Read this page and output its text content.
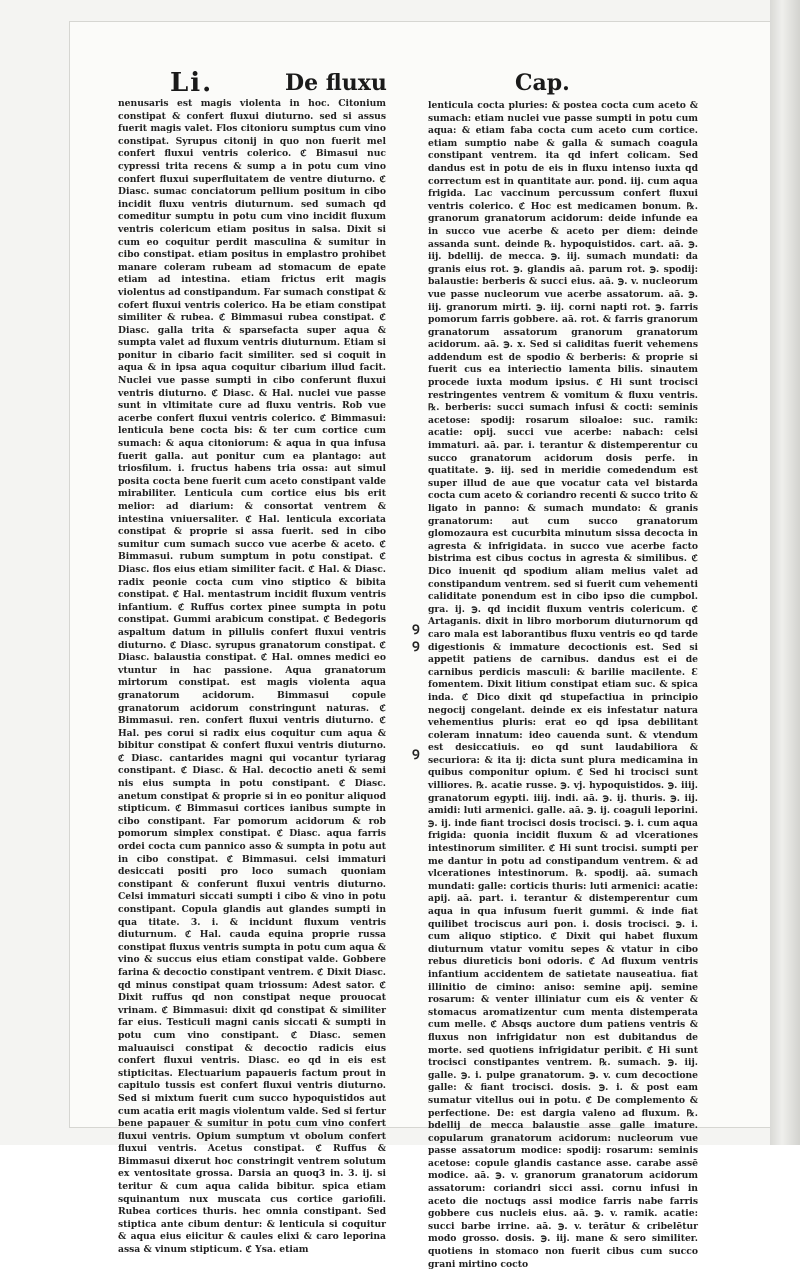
Li.	De fluxu	Cap.

nenusaris est magis violenta in hoc. Citonium constipat & confert fluxui diuturno. sed si assus fuerit magis valet. Flos citonioru sumptus cum vino constipat. Syrupus citonij in quo non fuerit mel confert fluxui ventris colerico. ℭ Bimasui nuc cypressi trita recens & sump a in potu cum vino confert fluxui superfluitatem de ventre diuturno. ℭ Diasc. sumac conciatorum pellium positum in cibo incidit fluxu ventris diuturnum. sed sumach qd comeditur sumptu in potu cum vino incidit fluxum ventris colericum etiam positus in salsa. Dixit si cum eo coquitur perdit masculina & sumitur in cibo constipat. etiam positus in emplastro prohibet manare coleram rubeam ad stomacum de epate etiam ad intestina. etiam frictus erit magis violentus ad constipandum. Far sumach constipat & cofert fluxui ventris colerico. Ha be etiam constipat similiter & rubea. ℭ Bimmasui rubea constipat. ℭ Diasc. galla trita & sparsefacta super aqua & sumpta valet ad fluxum ventris diuturnum. Etiam si ponitur in cibario facit similiter. sed si coquit in aqua & in ipsa aqua coquitur cibarium illud facit. Nuclei vue passe sumpti in cibo conferunt fluxui ventris diuturno. ℭ Diasc. & Hal. nuclei vue passe sunt in vltimitate cure ad fluxu ventris. Rob vue acerbe confert fluxui ventris colerico. ℭ Bimmasui: lenticula bene cocta bis: & ter cum cortice cum sumach: & aqua citoniorum: & aqua in qua infusa fuerit galla. aut ponitur cum ea plantago: aut triosfilum. i. fructus habens tria ossa: aut simul posita cocta bene fuerit cum aceto constipant valde mirabiliter. Lenticula cum cortice eius bis erit melior: ad diarium: & consortat ventrem & intestina vniuersaliter. ℭ Hal. lenticula excoriata constipat & proprie si assa fuerit. sed in cibo sumitur cum sumach succo vue acerbe & aceto. ℭ Bimmasui. rubum sumptum in potu constipat. ℭ Diasc. flos eius etiam similiter facit. ℭ Hal. & Diasc. radix peonie cocta cum vino stiptico & bibita constipat. ℭ Hal. mentastrum incidit fluxum ventris infantium. ℭ Ruffus cortex pinee sumpta in potu constipat. Gummi arabicum constipat. ℭ Bedegoris aspaltum datum in pillulis confert fluxui ventris diuturno. ℭ Diasc. syrupus granatorum constipat. ℭ Diasc. balaustia constipat. ℭ Hal. omnes medici eo vtuntur in hac passione. Aqua granatorum mirtorum constipat. est magis violenta aqua granatorum acidorum. Bimmasui copule granatorum acidorum constringunt naturas. ℭ Bimmasui. ren. confert fluxui ventris diuturno. ℭ Hal. pes corui si radix eius coquitur cum aqua & bibitur constipat & confert fluxui ventris diuturno. ℭ Diasc. cantarides magni qui vocantur tyriarag constipant. ℭ Diasc. & Hal. decoctio aneti & semi nis eius sumpta in potu constipant. ℭ Diasc. anetum constipat & proprie si in eo ponitur aliquod stipticum. ℭ Bimmasui cortices ianibus sumpte in cibo constipant. Far pomorum acidorum & rob pomorum simplex constipat. ℭ Diasc. aqua farris ordei cocta cum pannico asso & sumpta in potu aut in cibo constipat. ℭ Bimmasui. celsi immaturi desiccati positi pro loco sumach quoniam constipant & conferunt fluxui ventris diuturno. Celsi immaturi siccati sumpti i cibo & vino in potu constipant. Copula glandis aut glandes sumpti in qua titate. 3. i. & incidunt fluxum ventris diuturnum. ℭ Hal. cauda equina proprie russa constipat fluxus ventris sumpta in potu cum aqua & vino & succus eius etiam constipat valde. Gobbere farina & decoctio constipant ventrem. ℭ Dixit Diasc. qd minus constipat quam triossum: Adest sator. ℭ Dixit ruffus qd non constipat neque prouocat vrinam. ℭ Bimmasui: dixit qd constipat & similiter far eius. Testiculi magni canis siccati & sumpti in potu cum vino constipant. ℭ Diasc. semen maluauisci constipat & decoctio radicis eius confert fluxui ventris. Diasc. eo qd in eis est stipticitas. Electuarium papaueris factum prout in capitulo tussis est confert fluxui ventris diuturno. Sed si mixtum fuerit cum succo hypoquistidos aut cum acatia erit magis violentum valde. Sed si fertur bene papauer & sumitur in potu cum vino confert fluxui ventris. Opium sumptum vt obolum confert fluxui ventris. Acetus constipat. ℭ Ruffus & Bimmasui dixerut hoc constringit ventrem solutum ex ventositate grossa. Darsia an quoq3 in. 3. ij. si teritur & cum aqua calida bibitur. spica etiam squinantum nux muscata cus cortice gariofili. Rubea cortices thuris. hec omnia constipant. Sed stiptica ante cibum dentur: & lenticula si coquitur & aqua eius eiicitur & caules elixi & caro leporina assa & vinum stipticum. ℭ Ysa. etiam

Ꝯ
Ꝯ
Ꝯ

lenticula cocta pluries: & postea cocta cum aceto & sumach: etiam nuclei vue passe sumpti in potu cum aqua: & etiam faba cocta cum aceto cum cortice. etiam sumptio nabe & galla & sumach coagula constipant ventrem. ita qd infert colicam. Sed dandus est in potu de eis in fluxu intenso iuxta qd correctum est in quantitate aur. pond. iij. cum aqua frigida. Lac vaccinum percussum confert fluxui ventris colerico. ℭ Hoc est medicamen bonum. ℞. granorum granatorum acidorum: deide infunde ea in succo vue acerbe & aceto per diem: deinde assanda sunt. deinde ℞. hypoquistidos. cart. aā. ℈. iij. bdellij. de mecca. ℈. iij. sumach mundati: da granis eius rot. ℈. glandis aā. parum rot. ℈. spodij: balaustie: berberis & succi eius. aā. ℈. v. nucleorum vue passe nucleorum vue acerbe assatorum. aā. ℈. iij. granorum mirti. ℈. iij. corni napti rot. ℈. farris pomorum farris gobbere. aā. rot. & farris granorum granatorum assatorum granorum granatorum acidorum. aā. ℈. x. Sed si caliditas fuerit vehemens addendum est de spodio & berberis: & proprie si fuerit cus ea interiectio lamenta bilis. sinautem procede iuxta modum ipsius. ℭ Hi sunt trocisci restringentes ventrem & vomitum & fluxu ventris. ℞. berberis: succi sumach infusi & cocti: seminis acetose: spodij: rosarum siloaloe: suc. ramik: acatie: opij. succi vue acerbe: nabach: celsi immaturi. aā. par. i. terantur & distemperentur cu succo granatorum acidorum dosis perfe. in quatitate. ℈. iij. sed in meridie comedendum est super illud de aue que vocatur cata vel bistarda cocta cum aceto & coriandro recenti & succo trito & ligato in panno: & sumach mundato: & granis granatorum: aut cum succo granatorum glomozaura est cucurbita minutum sissa decocta in agresta & infrigidata. in succo vue acerbe facto bistrima est cibus coctus in agresta & similibus. ℭ Dico inuenit qd spodium aliam melius valet ad constipandum ventrem. sed si fuerit cum vehementi caliditate ponendum est in cibo ipso die cumpbol. gra. ij. ℈. qd incidit fluxum ventris colericum. ℭ Artaganis. dixit in libro morborum diuturnorum qd caro mala est laborantibus fluxu ventris eo qd tarde digestionis & immature decoctionis est. Sed si appetit patiens de carnibus. dandus est ei de carnibus perdicis masculi: & barilie macilente. Ɛ fomentem. Dixit litium constipat etiam suc. & spica inda. ℭ Dico dixit qd stupefactiua in principio negocij congelant. deinde ex eis infestatur natura vehementius pluris: erat eo qd ipsa debilitant coleram innatum: ideo cauenda sunt. & vtendum est desiccatiuis. eo qd sunt laudabiliora & securiora: & ita ij: dicta sunt plura medicamina in quibus componitur opium. ℭ Sed hi trocisci sunt villiores. ℞. acatie russe. ℈. vj. hypoquistidos. ℈. iiij. granatorum egypti. iiij. indi. aā. ℈. ij. thuris. ℈. iij. amidi: luti armenici. galle. aā. ℈. ij. coaguli leporini. ℈. ij. inde fiant trocisci dosis trocisci. ℈. i. cum aqua frigida: quonia incidit fluxum & ad vlcerationes intestinorum similiter. ℭ Hi sunt trocisi. sumpti per me dantur in potu ad constipandum ventrem. & ad vlcerationes intestinorum. ℞. spodij. aā. sumach mundati: galle: corticis thuris: luti armenici: acatie: apij. aā. part. i. terantur & distemperentur cum aqua in qua infusum fuerit gummi. & inde fiat quilibet trociscus auri pon. i. dosis trocisci. ℈. i. cum aliquo stiptico. ℭ Dixit qui habet fluxum diuturnum vtatur vomitu sepes & vtatur in cibo rebus diureticis boni odoris. ℭ Ad fluxum ventris infantium accidentem de satietate nauseatiua. fiat illinitio de cimino: aniso: semine apij. semine rosarum: & venter illiniatur cum eis & venter & stomacus aromatizentur cum menta distemperata cum melle. ℭ Absqs auctore dum patiens ventris & fluxus non infrigidatur non est dubitandus de morte. sed quotiens infrigidatur peribit. ℭ Hi sunt trocisci constipantes ventrem. ℞. sumach. ℈. iij. galle. ℈. i. pulpe granatorum. ℈. v. cum decoctione galle: & fiant trocisci. dosis. ℈. i. & post eam sumatur vitellus oui in potu. ℭ De complemento & perfectione. De: est dargia valeno ad fluxum. ℞. bdellij de mecca balaustie asse galle imature. copularum granatorum acidorum: nucleorum vue passe assatorum modice: spodij: rosarum: seminis acetose: copule glandis castance asse. carabe assē modice. aā. ℈. v. granorum granatorum acidorum assatorum: coriandri sicci assi. cornu infusi in aceto die noctuqs assi modice farris nabe farris gobbere cus nucleis eius. aā. ℈. v. ramik. acatie: succi barbe irrine. aā. ℈. v. terātur & cribelētur modo grosso. dosis. ℈. iij. mane & sero similiter. quotiens in stomaco non fuerit cibus cum succo grani mirtino cocto
